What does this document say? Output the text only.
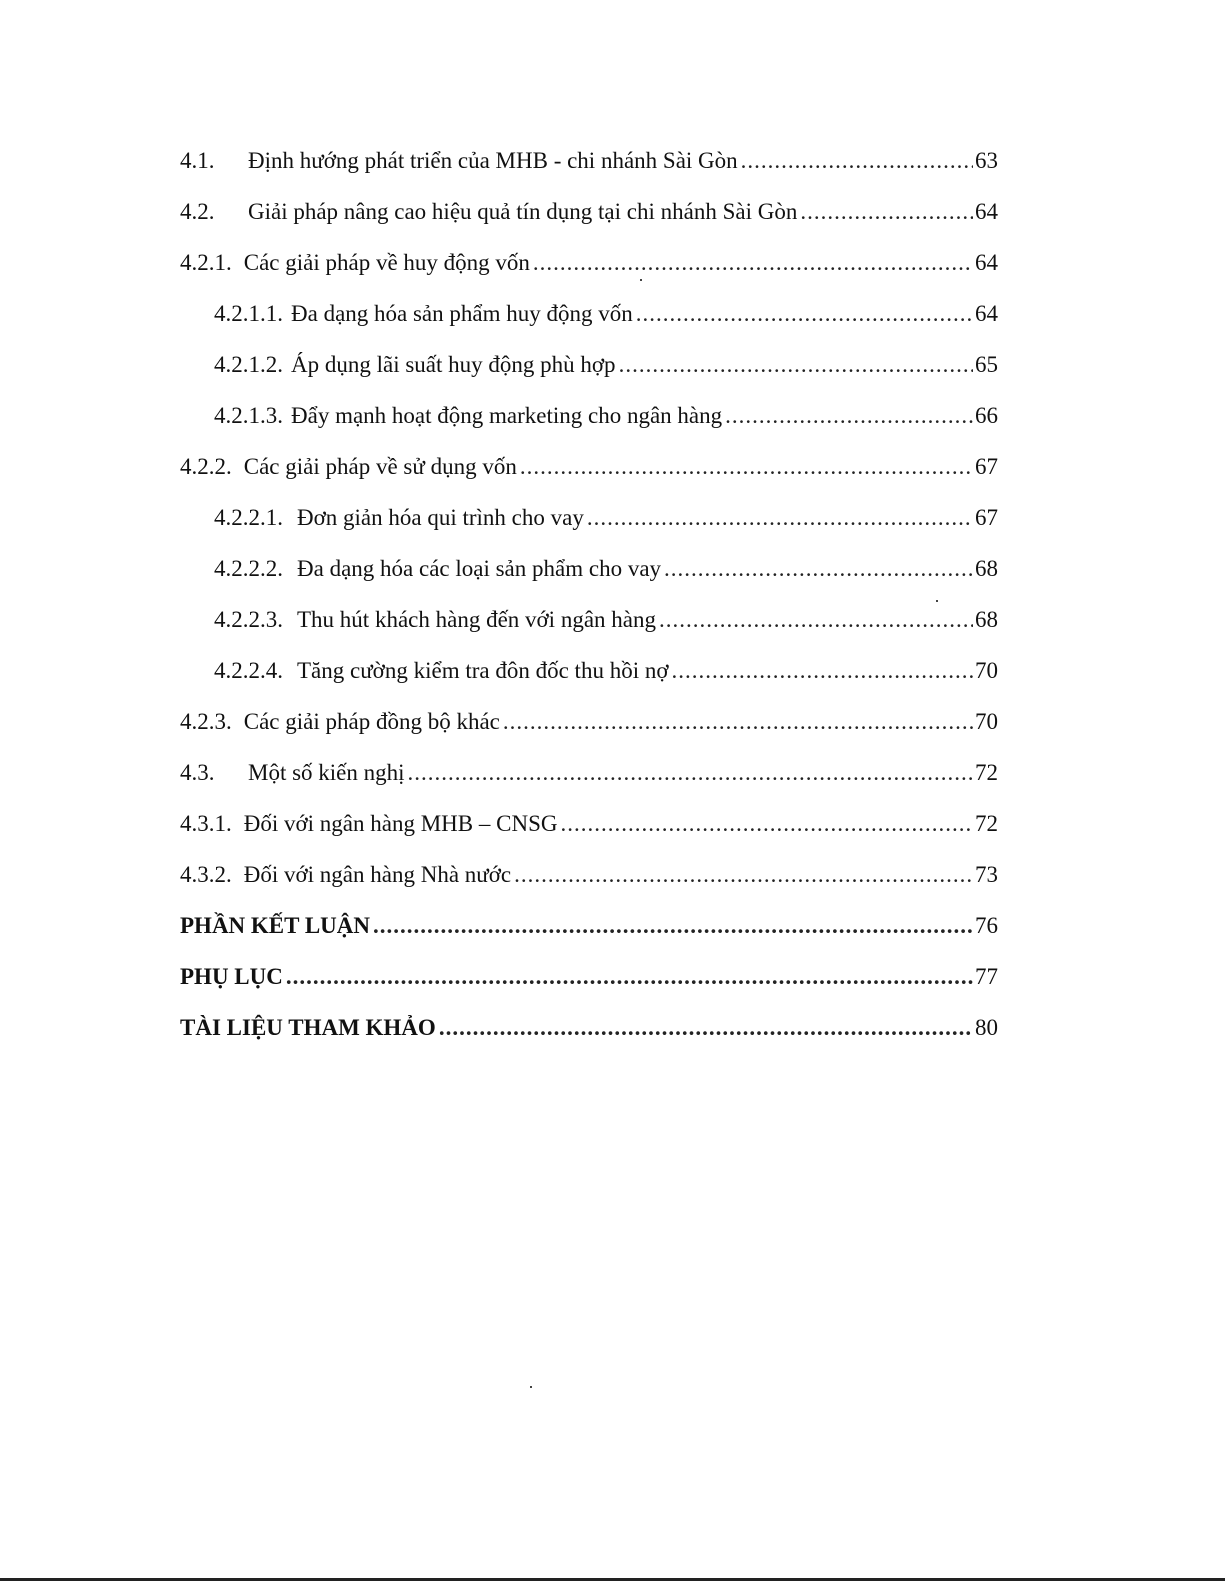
4.1.	Định hướng phát triển của MHB - chi nhánh Sài Gòn .....	63
4.2.	Giải pháp nâng cao hiệu quả tín dụng tại chi nhánh Sài Gòn .....	64
4.2.1. Các giải pháp về huy động vốn .....	64
4.2.1.1. Đa dạng hóa sản phẩm huy động vốn .....	64
4.2.1.2. Áp dụng lãi suất huy động phù hợp .....	65
4.2.1.3. Đẩy mạnh hoạt động marketing cho ngân hàng .....	66
4.2.2. Các giải pháp về sử dụng vốn .....	67
4.2.2.1. Đơn giản hóa qui trình cho vay .....	67
4.2.2.2. Đa dạng hóa các loại sản phẩm cho vay .....	68
4.2.2.3. Thu hút khách hàng đến với ngân hàng .....	68
4.2.2.4. Tăng cường kiểm tra đôn đốc thu hồi nợ .....	70
4.2.3. Các giải pháp đồng bộ khác .....	70
4.3.	Một số kiến nghị .....	72
4.3.1. Đối với ngân hàng MHB – CNSG .....	72
4.3.2. Đối với ngân hàng Nhà nước .....	73
PHẦN KẾT LUẬN .....	76
PHỤ LỤC .....	77
TÀI LIỆU THAM KHẢO .....	80
